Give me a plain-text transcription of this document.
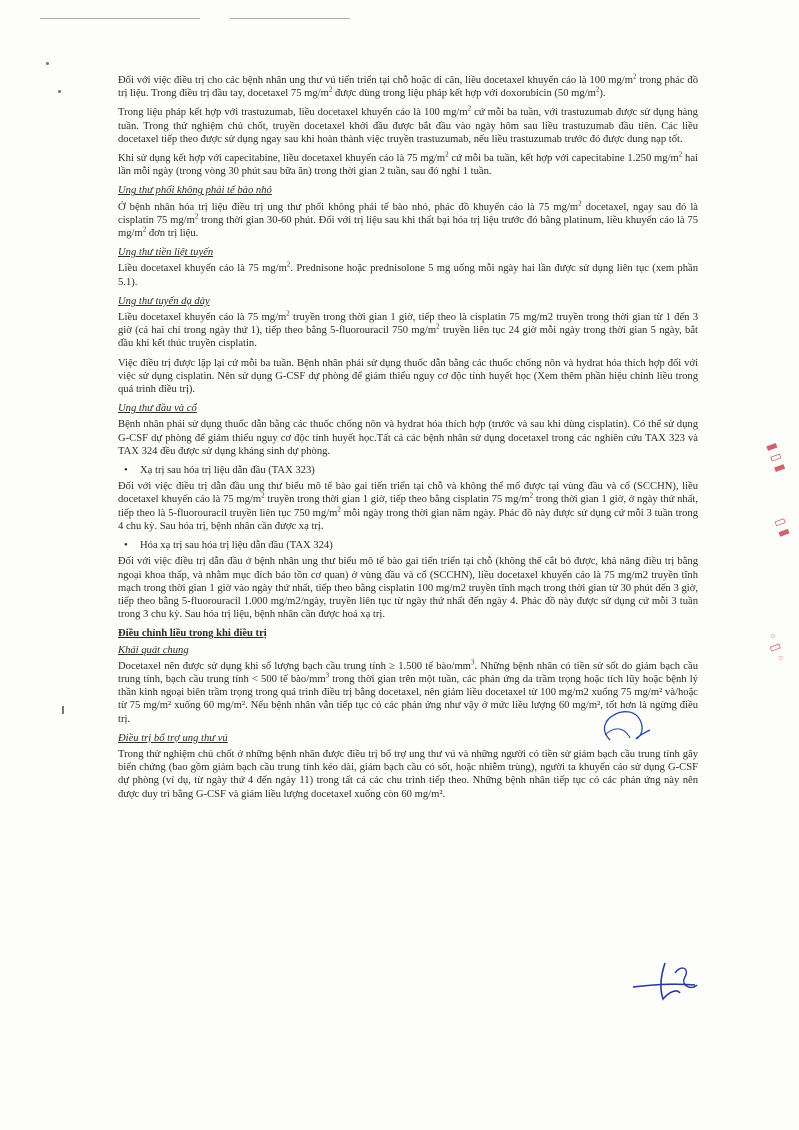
▮ ▯ ▮
▯ ▮
◦ ▯ ◦

Đối với việc điều trị cho các bệnh nhân ung thư vú tiến triển tại chỗ hoặc di căn, liều docetaxel khuyến cáo là 100 $mg/m^2$ trong phác đồ trị liệu. Trong điều trị đầu tay, docetaxel 75 $mg/m^2$ được dùng trong liệu pháp kết hợp với doxorubicin (50 $mg/m^2$).

Trong liệu pháp kết hợp với trastuzumab, liều docetaxel khuyến cáo là 100 $mg/m^2$ cứ mỗi ba tuần, với trastuzumab được sử dụng hàng tuần. Trong thử nghiệm chủ chốt, truyền docetaxel khởi đầu được bắt đầu vào ngày hôm sau liều trastuzumab đầu tiên. Các liều docetaxel tiếp theo được sử dụng ngay sau khi hoàn thành việc truyền trastuzumab, nếu liều trastuzumab trước đó được dung nạp tốt.

Khi sử dụng kết hợp với capecitabine, liều docetaxel khuyến cáo là 75 $mg/m^2$ cứ mỗi ba tuần, kết hợp với capecitabine 1.250 $mg/m^2$ hai lần mỗi ngày (trong vòng 30 phút sau bữa ăn) trong thời gian 2 tuần, sau đó nghỉ 1 tuần.

Ung thư phổi không phải tế bào nhỏ

Ở bệnh nhân hóa trị liệu điều trị ung thư phổi không phải tế bào nhỏ, phác đồ khuyến cáo là 75 $mg/m^2$ docetaxel, ngay sau đó là cisplatin 75 $mg/m^2$ trong thời gian 30-60 phút. Đối với trị liệu sau khi thất bại hóa trị liệu trước đó bằng platinum, liều khuyến cáo là 75 $mg/m^2$ đơn trị liệu.

Ung thư tiền liệt tuyến

Liều docetaxel khuyến cáo là 75 $mg/m^2$. Prednisone hoặc prednisolone 5 mg uống mỗi ngày hai lần được sử dụng liên tục (xem phần 5.1).

Ung thư tuyến dạ dày

Liều docetaxel khuyến cáo là 75 $mg/m^2$ truyền trong thời gian 1 giờ, tiếp theo là cisplatin 75 mg/m2 truyền trong thời gian từ 1 đến 3 giờ (cả hai chỉ trong ngày thứ 1), tiếp theo bằng 5-fluorouracil 750 $mg/m^2$ truyền liên tục 24 giờ mỗi ngày trong thời gian 5 ngày, bắt đầu khi kết thúc truyền cisplatin.

Việc điều trị được lặp lại cứ mỗi ba tuần. Bệnh nhân phải sử dụng thuốc dẫn bằng các thuốc chống nôn và hydrat hóa thích hợp đối với việc sử dụng cisplatin. Nên sử dụng G-CSF dự phòng để giảm thiểu nguy cơ độc tính huyết học (Xem thêm phần hiệu chỉnh liều trong quá trình điều trị).

Ung thư đầu và cổ

Bệnh nhân phải sử dụng thuốc dẫn bằng các thuốc chống nôn và hydrat hóa thích hợp (trước và sau khi dùng cisplatin). Có thể sử dụng G-CSF dự phòng để giảm thiểu nguy cơ độc tính huyết học.Tất cả các bệnh nhân sử dụng docetaxel trong các nghiên cứu TAX 323 và TAX 324 đều được sử dụng kháng sinh dự phòng.

• Xạ trị sau hóa trị liệu dẫn đầu (TAX 323)

Đối với việc điều trị dẫn đầu ung thư biểu mô tế bào gai tiến triển tại chỗ và không thể mổ được tại vùng đầu và cổ (SCCHN), liều docetaxel khuyến cáo là 75 $mg/m^2$ truyền trong thời gian 1 giờ, tiếp theo bằng cisplatin 75 $mg/m^2$ trong thời gian 1 giờ, ở ngày thứ nhất, tiếp theo là 5-fluorouracil truyền liên tục 750 $mg/m^2$ mỗi ngày trong thời gian năm ngày. Phác đồ này được sử dụng cứ mỗi 3 tuần trong 4 chu kỳ. Sau hóa trị, bệnh nhân cần được xạ trị.

• Hóa xạ trị sau hóa trị liệu dẫn đầu (TAX 324)

Đối với việc điều trị dẫn đầu ở bệnh nhân ung thư biểu mô tế bào gai tiến triển tại chỗ (không thể cắt bỏ được, khả năng điều trị bằng ngoại khoa thấp, và nhằm mục đích bảo tồn cơ quan) ở vùng đầu và cổ (SCCHN), liều docetaxel khuyến cáo là 75 mg/m2 truyền tĩnh mạch trong thời gian 1 giờ vào ngày thứ nhất, tiếp theo bằng cisplatin 100 mg/m2 truyền tĩnh mạch trong thời gian từ 30 phút đến 3 giờ, tiếp theo bằng 5-fluorouracil 1.000 mg/m2/ngày, truyền liên tục từ ngày thứ nhất đến ngày 4. Phác đồ này được sử dụng cứ mỗi 3 tuần trong 3 chu kỳ. Sau hóa trị liệu, bệnh nhân cần được hoá xạ trị.

Điều chỉnh liều trong khi điều trị
Khái quát chung

Docetaxel nên được sử dụng khi số lượng bạch cầu trung tính ≥ 1.500 tế bào/$mm^3$. Những bệnh nhân có tiền sử sốt do giảm bạch cầu trung tính, bạch cầu trung tính < 500 tế bào/$mm^3$ trong thời gian trên một tuần, các phản ứng da trầm trọng hoặc tích lũy hoặc bệnh lý thần kinh ngoại biên trầm trọng trong quá trình điều trị bằng docetaxel, nên giảm liều docetaxel từ 100 mg/m2 xuống 75 mg/m² và/hoặc từ 75 mg/m² xuống 60 mg/m². Nếu bệnh nhân vẫn tiếp tục có các phản ứng như vậy ở mức liều lượng 60 mg/m², tốt hơn là ngừng điều trị.

Điều trị bổ trợ ung thư vú

Trong thử nghiệm chủ chốt ở những bệnh nhân được điều trị bổ trợ ung thư vú và những người có tiền sử giảm bạch cầu trung tính gây biến chứng (bao gồm giảm bạch cầu trung tính kéo dài, giảm bạch cầu có sốt, hoặc nhiễm trùng), người ta khuyến cáo sử dụng G-CSF dự phòng (ví dụ, từ ngày thứ 4 đến ngày 11) trong tất cả các chu trình tiếp theo. Những bệnh nhân tiếp tục có các phản ứng này nên được duy trì bằng G-CSF và giảm liều lượng docetaxel xuống còn 60 mg/m².
